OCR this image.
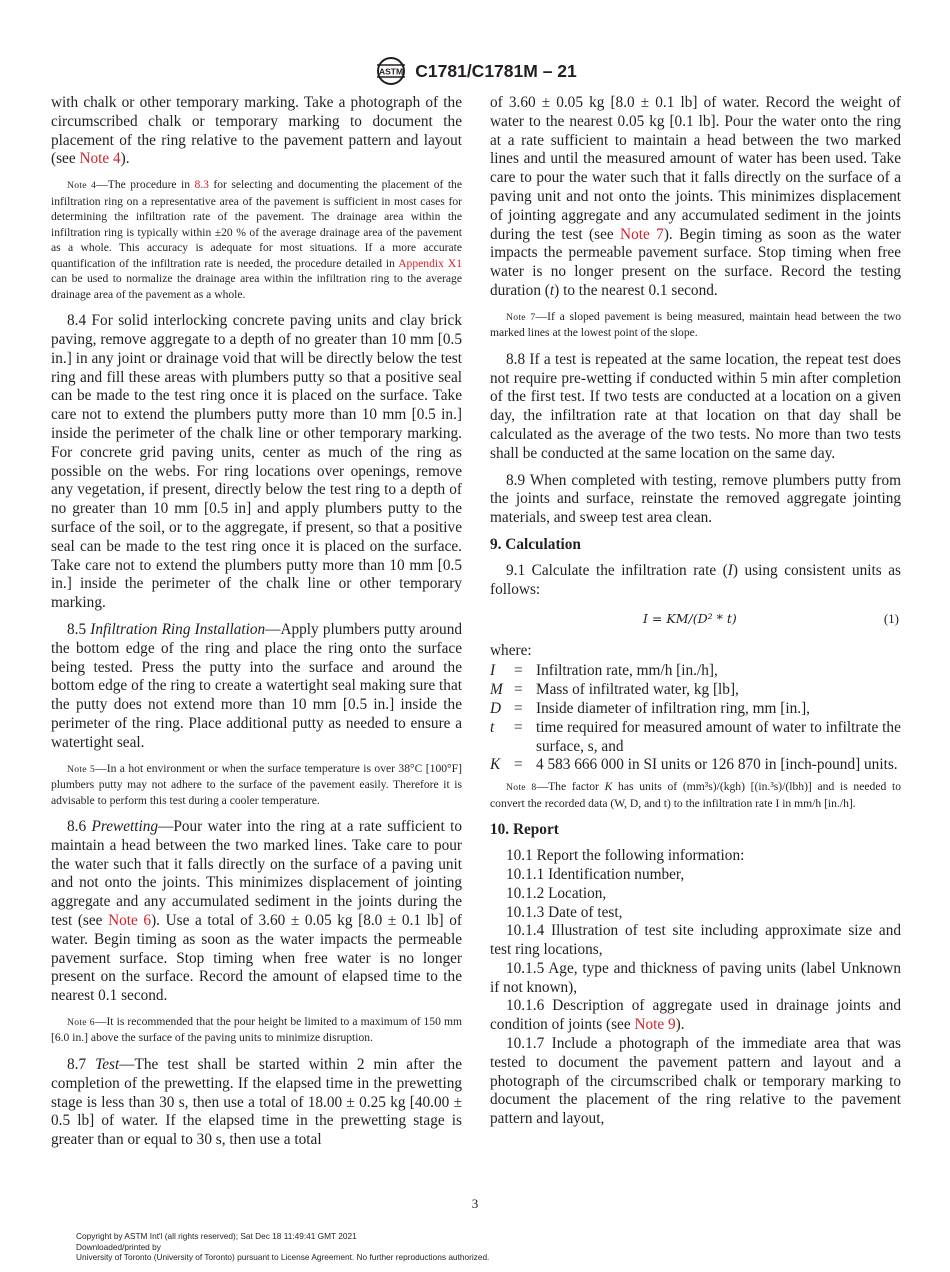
ASTM C1781/C1781M – 21

with chalk or other temporary marking. Take a photograph of the circumscribed chalk or temporary marking to document the placement of the ring relative to the pavement pattern and layout (see Note 4).

Note 4—The procedure in 8.3 for selecting and documenting the placement of the infiltration ring on a representative area of the pavement is sufficient in most cases for determining the infiltration rate of the pavement. The drainage area within the infiltration ring is typically within ±20 % of the average drainage area of the pavement as a whole. This accuracy is adequate for most situations. If a more accurate quantification of the infiltration rate is needed, the procedure detailed in Appendix X1 can be used to normalize the drainage area within the infiltration ring to the average drainage area of the pavement as a whole.

8.4 For solid interlocking concrete paving units and clay brick paving, remove aggregate to a depth of no greater than 10 mm [0.5 in.] in any joint or drainage void that will be directly below the test ring and fill these areas with plumbers putty so that a positive seal can be made to the test ring once it is placed on the surface. Take care not to extend the plumbers putty more than 10 mm [0.5 in.] inside the perimeter of the chalk line or other temporary marking. For concrete grid paving units, center as much of the ring as possible on the webs. For ring locations over openings, remove any vegetation, if present, directly below the test ring to a depth of no greater than 10 mm [0.5 in] and apply plumbers putty to the surface of the soil, or to the aggregate, if present, so that a positive seal can be made to the test ring once it is placed on the surface. Take care not to extend the plumbers putty more than 10 mm [0.5 in.] inside the perimeter of the chalk line or other temporary marking.

8.5 Infiltration Ring Installation—Apply plumbers putty around the bottom edge of the ring and place the ring onto the surface being tested. Press the putty into the surface and around the bottom edge of the ring to create a watertight seal making sure that the putty does not extend more than 10 mm [0.5 in.] inside the perimeter of the ring. Place additional putty as needed to ensure a watertight seal.

Note 5—In a hot environment or when the surface temperature is over 38°C [100°F] plumbers putty may not adhere to the surface of the pavement easily. Therefore it is advisable to perform this test during a cooler temperature.

8.6 Prewetting—Pour water into the ring at a rate sufficient to maintain a head between the two marked lines. Take care to pour the water such that it falls directly on the surface of a paving unit and not onto the joints. This minimizes displacement of jointing aggregate and any accumulated sediment in the joints during the test (see Note 6). Use a total of 3.60 ± 0.05 kg [8.0 ± 0.1 lb] of water. Begin timing as soon as the water impacts the permeable pavement surface. Stop timing when free water is no longer present on the surface. Record the amount of elapsed time to the nearest 0.1 second.

Note 6—It is recommended that the pour height be limited to a maximum of 150 mm [6.0 in.] above the surface of the paving units to minimize disruption.

8.7 Test—The test shall be started within 2 min after the completion of the prewetting. If the elapsed time in the prewetting stage is less than 30 s, then use a total of 18.00 ± 0.25 kg [40.00 ± 0.5 lb] of water. If the elapsed time in the prewetting stage is greater than or equal to 30 s, then use a total

of 3.60 ± 0.05 kg [8.0 ± 0.1 lb] of water. Record the weight of water to the nearest 0.05 kg [0.1 lb]. Pour the water onto the ring at a rate sufficient to maintain a head between the two marked lines and until the measured amount of water has been used. Take care to pour the water such that it falls directly on the surface of a paving unit and not onto the joints. This minimizes displacement of jointing aggregate and any accumulated sediment in the joints during the test (see Note 7). Begin timing as soon as the water impacts the permeable pavement surface. Stop timing when free water is no longer present on the surface. Record the testing duration (t) to the nearest 0.1 second.

Note 7—If a sloped pavement is being measured, maintain head between the two marked lines at the lowest point of the slope.

8.8 If a test is repeated at the same location, the repeat test does not require pre-wetting if conducted within 5 min after completion of the first test. If two tests are conducted at a location on a given day, the infiltration rate at that location on that day shall be calculated as the average of the two tests. No more than two tests shall be conducted at the same location on the same day.

8.9 When completed with testing, remove plumbers putty from the joints and surface, reinstate the removed aggregate jointing materials, and sweep test area clean.

9. Calculation

9.1 Calculate the infiltration rate (I) using consistent units as follows:

I = KM/(D² * t)	(1)
where:
I	=	Infiltration rate, mm/h [in./h],
M	=	Mass of infiltrated water, kg [lb],
D	=	Inside diameter of infiltration ring, mm [in.],
t	=	time required for measured amount of water to infiltrate the surface, s, and
K	=	4 583 666 000 in SI units or 126 870 in [inch-pound] units.

Note 8—The factor K has units of (mm³s)/(kgh) [(in.³s)/(lbh)] and is needed to convert the recorded data (W, D, and t) to the infiltration rate I in mm/h [in./h].

10. Report

10.1 Report the following information:

10.1.1 Identification number,

10.1.2 Location,

10.1.3 Date of test,

10.1.4 Illustration of test site including approximate size and test ring locations,

10.1.5 Age, type and thickness of paving units (label Unknown if not known),

10.1.6 Description of aggregate used in drainage joints and condition of joints (see Note 9).

10.1.7 Include a photograph of the immediate area that was tested to document the pavement pattern and layout and a photograph of the circumscribed chalk or temporary marking to document the placement of the ring relative to the pavement pattern and layout,

3
Copyright by ASTM Int'l (all rights reserved); Sat Dec 18 11:49:41 GMT 2021
Downloaded/printed by
University of Toronto (University of Toronto) pursuant to License Agreement. No further reproductions authorized.
